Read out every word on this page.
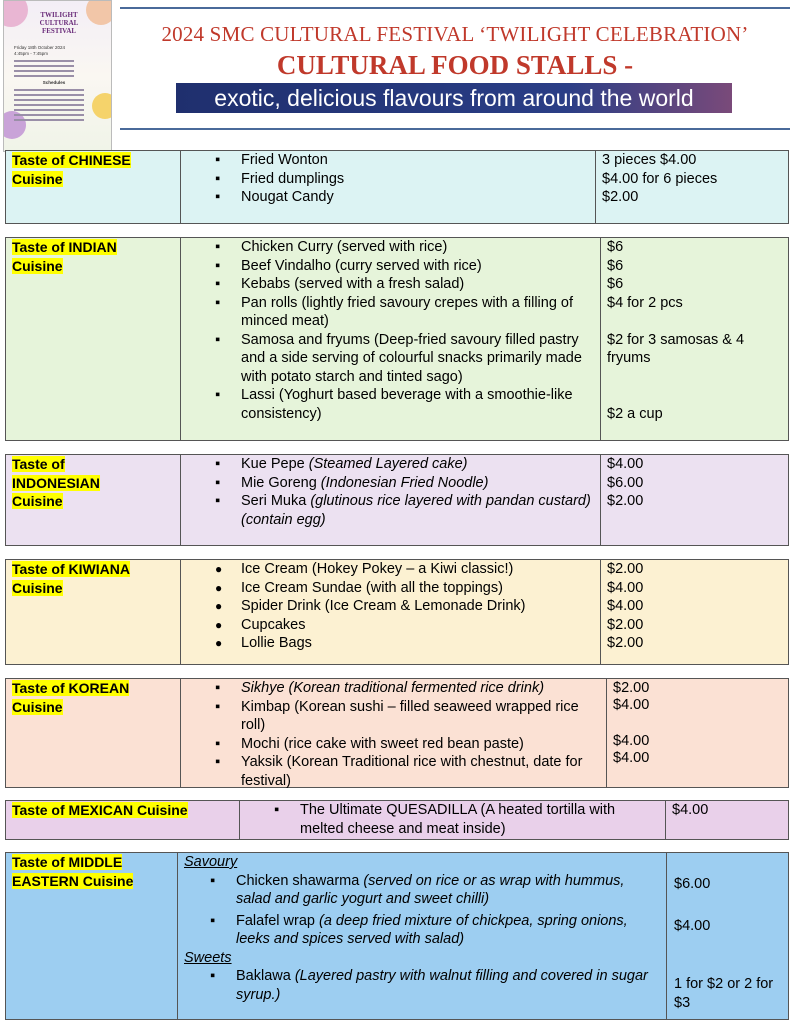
TWILIGHT CULTURAL FESTIVAL
Friday 18th October 2024
4:45pm - 7:45pm
Schedules
2024 SMC CULTURAL FESTIVAL ‘TWILIGHT CELEBRATION’
CULTURAL FOOD STALLS -
exotic, delicious flavours from around the world
Taste of CHINESE
Cuisine
▪ Fried Wonton
▪ Fried dumplings
▪ Nougat Candy
3 pieces $4.00
$4.00 for 6 pieces
$2.00
Taste of INDIAN
Cuisine
▪ Chicken Curry (served with rice)
▪ Beef Vindalho (curry served with rice)
▪ Kebabs (served with a fresh salad)
▪ Pan rolls (lightly fried savoury crepes with a filling of minced meat)
▪ Samosa and fryums (Deep-fried savoury filled pastry and a side serving of colourful snacks primarily made with potato starch and tinted sago)
▪ Lassi (Yoghurt based beverage with a smoothie-like consistency)
$6
$6
$6
$4 for 2 pcs
$2 for 3 samosas & 4 fryums
$2 a cup
Taste of
INDONESIAN
Cuisine
▪ Kue Pepe (Steamed Layered cake)
▪ Mie Goreng (Indonesian Fried Noodle)
▪ Seri Muka (glutinous rice layered with pandan custard)(contain egg)
$4.00
$6.00
$2.00
Taste of KIWIANA
Cuisine
● Ice Cream (Hokey Pokey – a Kiwi classic!)
● Ice Cream Sundae (with all the toppings)
● Spider Drink (Ice Cream & Lemonade Drink)
● Cupcakes
● Lollie Bags
$2.00
$4.00
$4.00
$2.00
$2.00
Taste of KOREAN
Cuisine
▪ Sikhye (Korean traditional fermented rice drink)
▪ Kimbap (Korean sushi – filled seaweed wrapped rice roll)
▪ Mochi (rice cake with sweet red bean paste)
▪ Yaksik (Korean Traditional rice with chestnut, date for festival)
$2.00
$4.00
$4.00
$4.00
Taste of MEXICAN Cuisine	▪ The Ultimate QUESADILLA (A heated tortilla with melted cheese and meat inside)
$4.00
Taste of MIDDLE
EASTERN Cuisine
Savoury
▪ Chicken shawarma (served on rice or as wrap with hummus, salad and garlic yogurt and sweet chilli)
▪ Falafel wrap (a deep fried mixture of chickpea, spring onions, leeks and spices served with salad)
Sweets
▪ Baklawa (Layered pastry with walnut filling and covered in sugar syrup.)
$6.00
$4.00
1 for $2 or 2 for $3
